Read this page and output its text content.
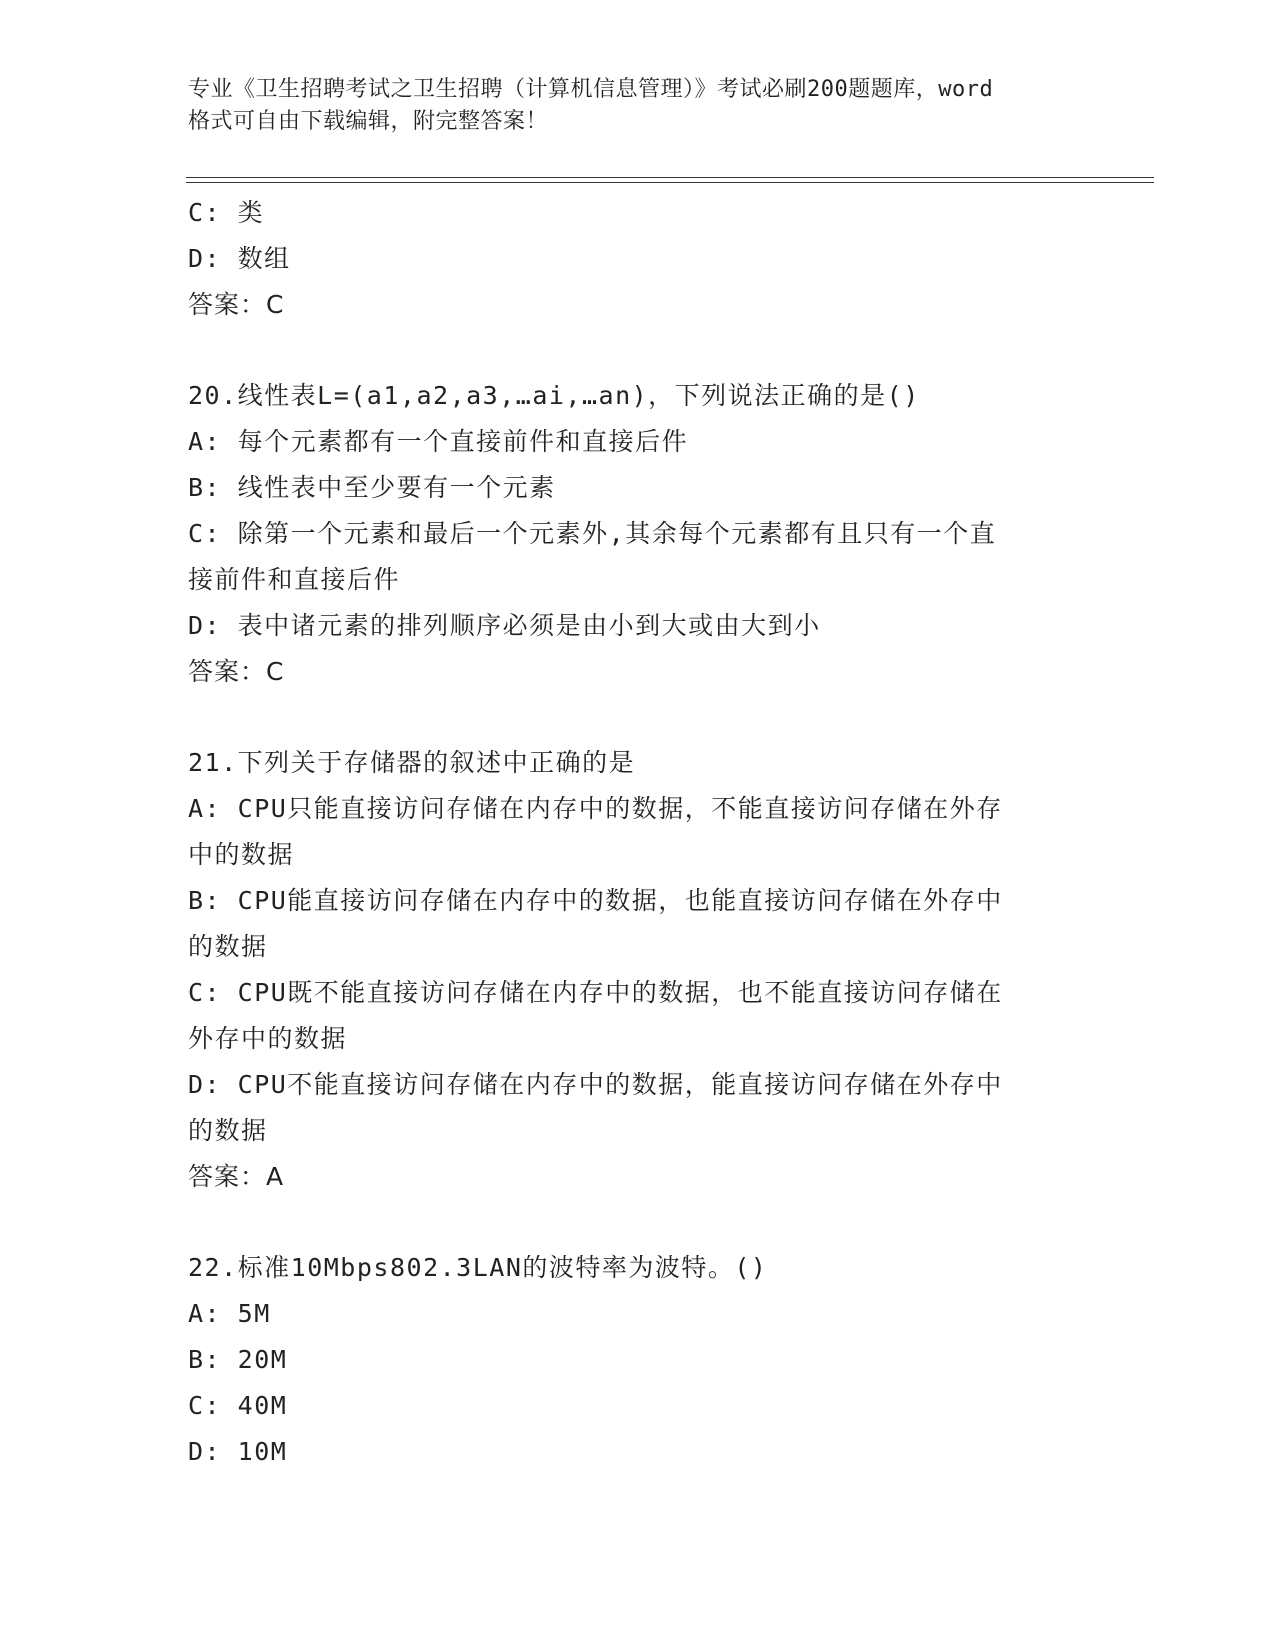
专业《卫生招聘考试之卫生招聘（计算机信息管理）》考试必刷200题题库，word
格式可自由下载编辑，附完整答案！

C: 类

D: 数组

答案：C

20.线性表L=(a1,a2,a3,…ai,…an)，下列说法正确的是()

A: 每个元素都有一个直接前件和直接后件

B: 线性表中至少要有一个元素

C: 除第一个元素和最后一个元素外,其余每个元素都有且只有一个直

接前件和直接后件

D: 表中诸元素的排列顺序必须是由小到大或由大到小

答案：C

21.下列关于存储器的叙述中正确的是

A: CPU只能直接访问存储在内存中的数据，不能直接访问存储在外存

中的数据

B: CPU能直接访问存储在内存中的数据，也能直接访问存储在外存中

的数据

C: CPU既不能直接访问存储在内存中的数据，也不能直接访问存储在

外存中的数据

D: CPU不能直接访问存储在内存中的数据，能直接访问存储在外存中

的数据

答案：A

22.标准10Mbps802.3LAN的波特率为波特。()

A: 5M

B: 20M

C: 40M

D: 10M
